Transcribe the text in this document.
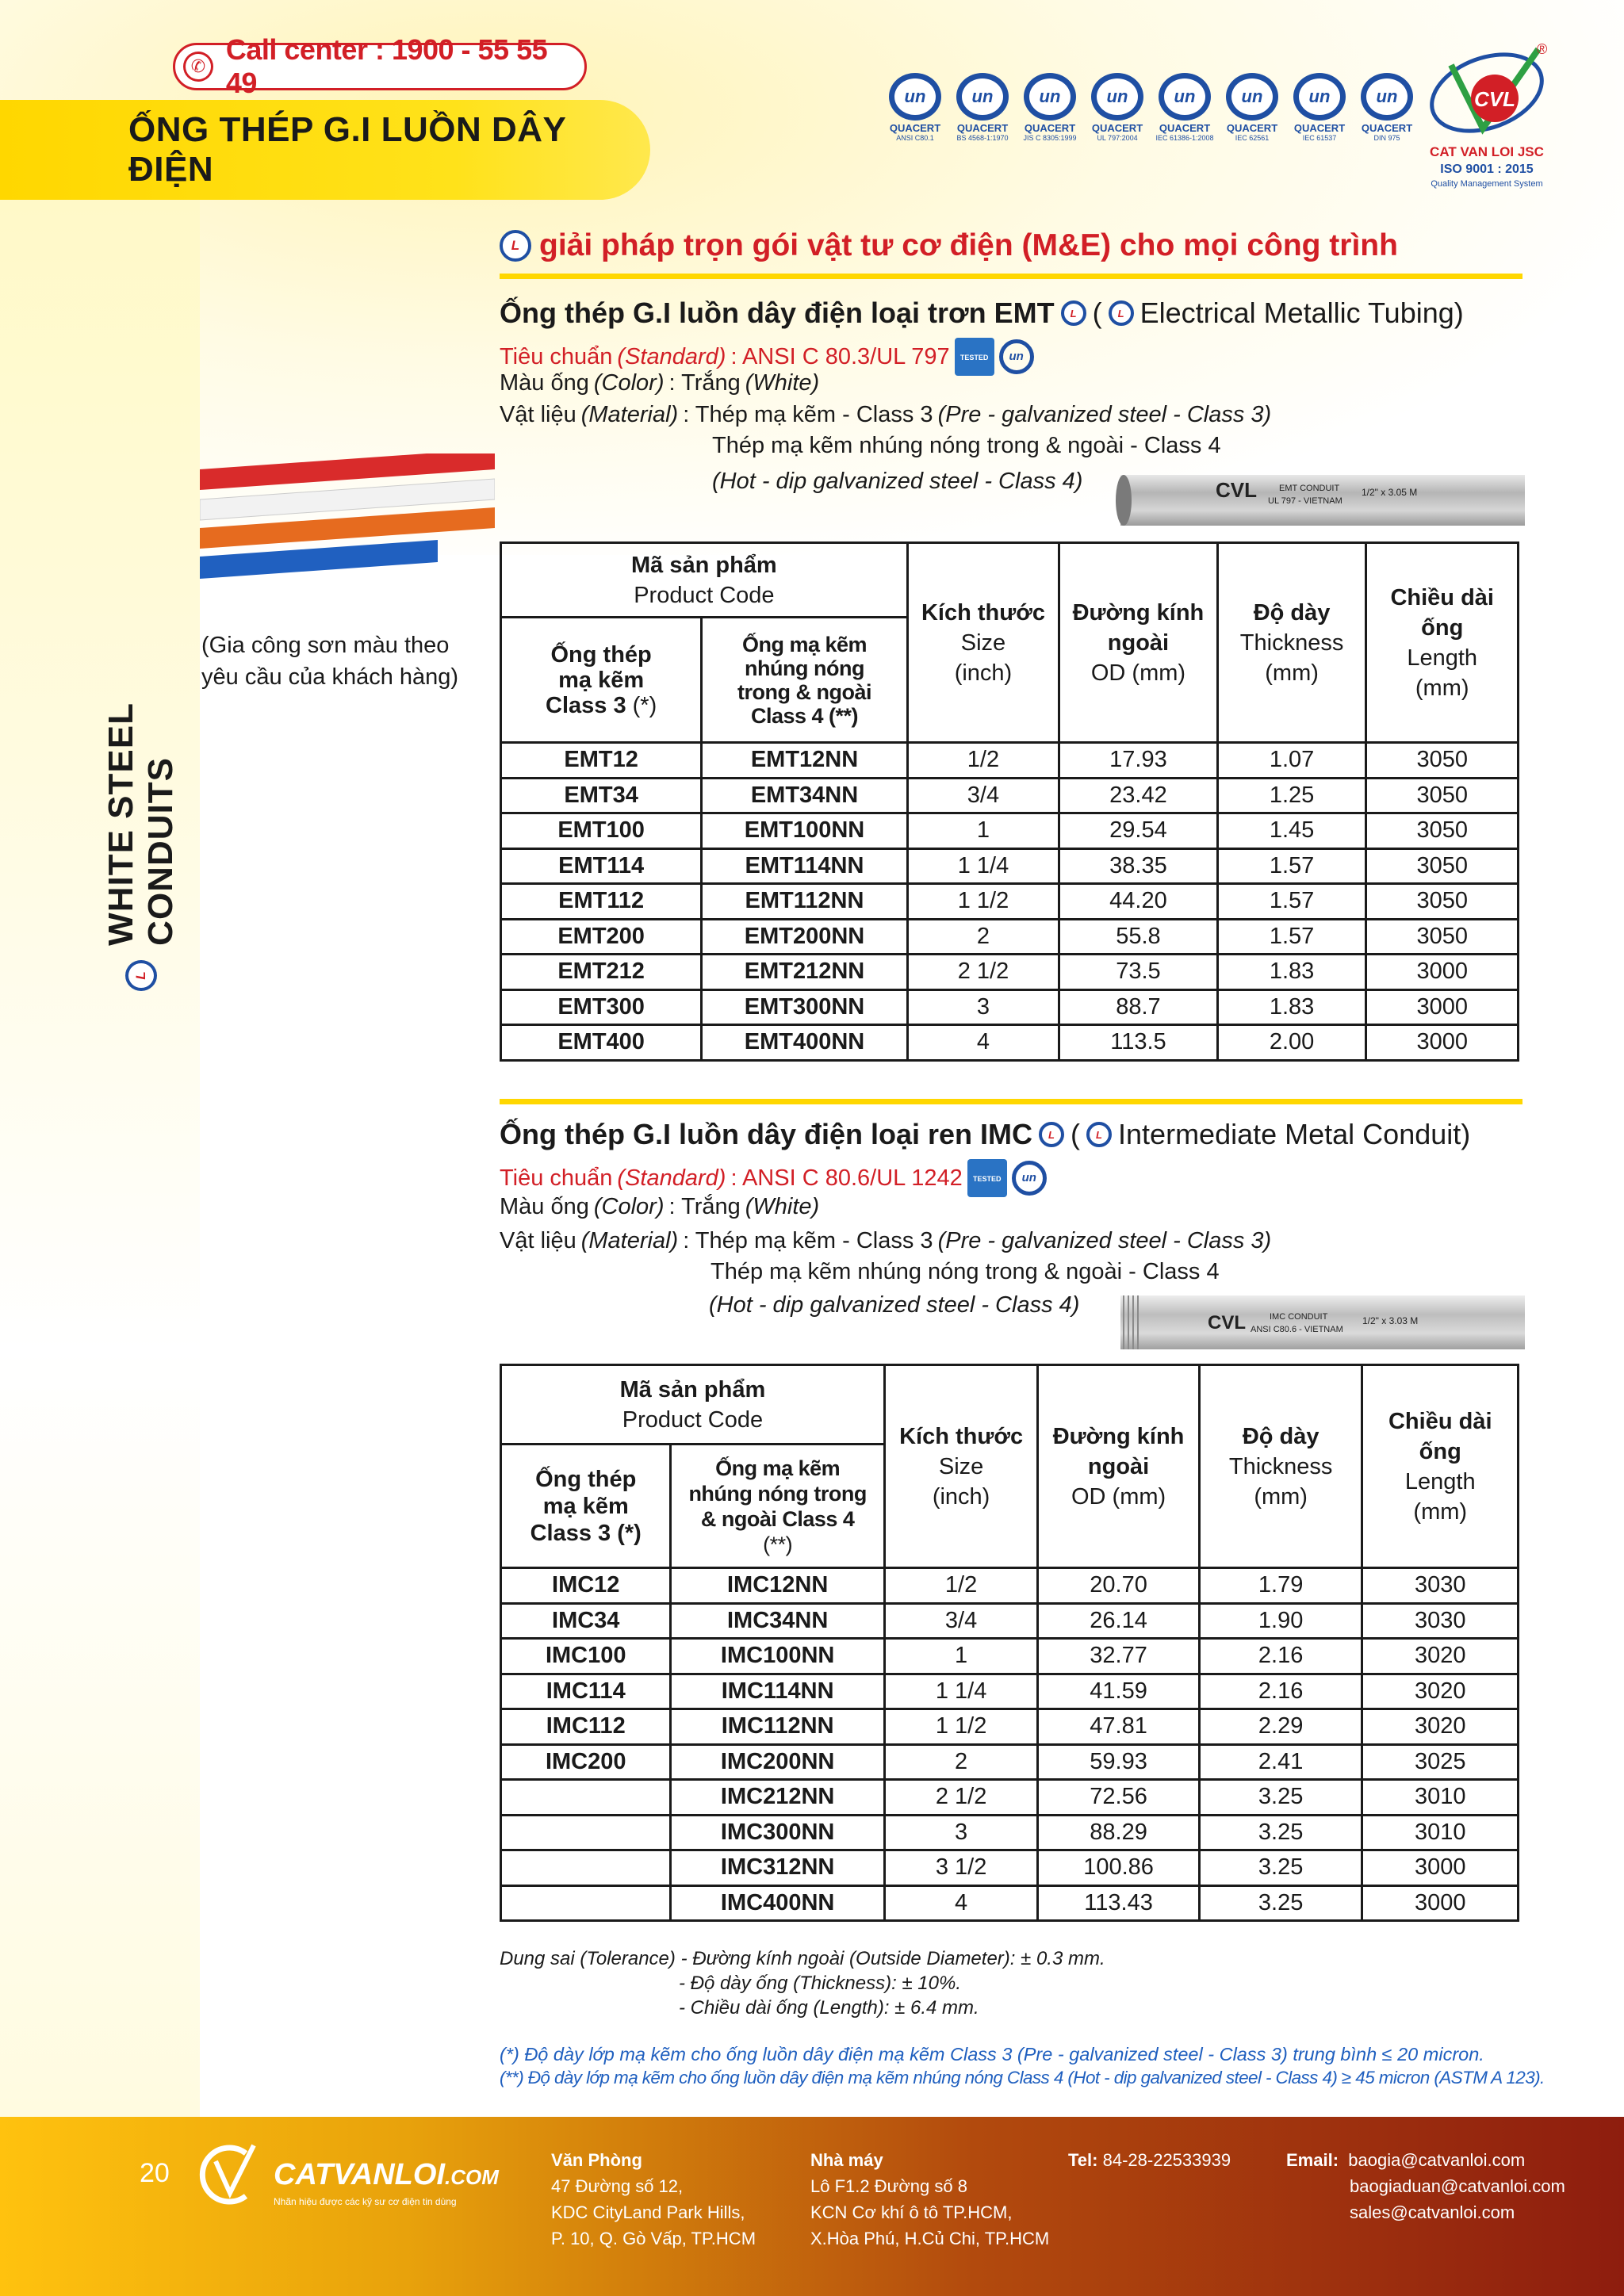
✆
Call center : 1900 - 55 55 49
ỐNG THÉP G.I LUỒN DÂY ĐIỆN
un
QUACERT
ANSI C80.1
un
QUACERT
BS 4568-1:1970
un
QUACERT
JIS C 8305:1999
un
QUACERT
UL 797:2004
un
QUACERT
IEC 61386-1:2008
un
QUACERT
IEC 62561
un
QUACERT
IEC 61537
un
QUACERT
DIN 975
CVL
®
CAT VAN LOI JSC
ISO 9001 : 2015
Quality Management System
L
WHITE STEEL CONDUITS
(Gia công sơn màu theo
yêu cầu của khách hàng)
L giải pháp trọn gói vật tư cơ điện (M&E) cho mọi công trình
Ống thép G.I luồn dây điện loại trơn EMT	L (	L Electrical Metallic Tubing)
Tiêu chuẩn (Standard) : ANSI C 80.3/UL 797	TESTED	un
Màu ống (Color) : Trắng (White)
Vật liệu (Material) : Thép mạ kẽm - Class 3 (Pre - galvanized steel - Class 3)
Thép mạ kẽm nhúng nóng trong & ngoài - Class 4
(Hot - dip galvanized steel - Class 4)	CVL	EMT CONDUIT
UL 797 - VIETNAM
1/2" x 3.05 M
Mã sản phẩm
Product Code		Kích thước
Size
(inch)	Đường kính
ngoài
OD (mm)	Độ dày
Thickness
(mm)	Chiều dài
ống
Length
(mm)
Ống thép
mạ kẽm
Class 3 (*)	Ống mạ kẽm
nhúng nóng
trong & ngoài
Class 4 (**)				
EMT12	EMT12NN	1/2	17.93	1.07	3050
EMT34	EMT34NN	3/4	23.42	1.25	3050
EMT100	EMT100NN	1	29.54	1.45	3050
EMT114	EMT114NN	1 1/4	38.35	1.57	3050
EMT112	EMT112NN	1 1/2	44.20	1.57	3050
EMT200	EMT200NN	2	55.8	1.57	3050
EMT212	EMT212NN	2 1/2	73.5	1.83	3000
EMT300	EMT300NN	3	88.7	1.83	3000
EMT400	EMT400NN	4	113.5	2.00	3000
Ống thép G.I luồn dây điện loại ren IMC	L (	L Intermediate Metal Conduit)
Tiêu chuẩn (Standard) : ANSI C 80.6/UL 1242	TESTED	un
Màu ống (Color) : Trắng (White)
Vật liệu (Material) : Thép mạ kẽm - Class 3 (Pre - galvanized steel - Class 3)
Thép mạ kẽm nhúng nóng trong & ngoài - Class 4
(Hot - dip galvanized steel - Class 4)
CVL	IMC CONDUIT
ANSI C80.6 - VIETNAM
1/2" x 3.03 M
Mã sản phẩm
Product Code		Kích thước
Size
(inch)	Đường kính
ngoài
OD (mm)	Độ dày
Thickness
(mm)	Chiều dài
ống
Length
(mm)
Ống thép
mạ kẽm
Class 3 (*)	Ống mạ kẽm
nhúng nóng trong
& ngoài Class 4
(**)				
IMC12	IMC12NN	1/2	20.70	1.79	3030
IMC34	IMC34NN	3/4	26.14	1.90	3030
IMC100	IMC100NN	1	32.77	2.16	3020
IMC114	IMC114NN	1 1/4	41.59	2.16	3020
IMC112	IMC112NN	1 1/2	47.81	2.29	3020
IMC200	IMC200NN	2	59.93	2.41	3025
	IMC212NN	2 1/2	72.56	3.25	3010
	IMC300NN	3	88.29	3.25	3010
	IMC312NN	3 1/2	100.86	3.25	3000
	IMC400NN	4	113.43	3.25	3000
Dung sai (Tolerance) - Đường kính ngoài (Outside Diameter): ± 0.3 mm.
- Độ dày ống (Thickness): ± 10%.
- Chiều dài ống (Length): ± 6.4 mm.
(*) Độ dày lớp mạ kẽm cho ống luồn dây điện mạ kẽm Class 3 (Pre - galvanized steel - Class 3) trung bình ≤ 20 micron.
(**) Độ dày lớp mạ kẽm cho ống luồn dây điện mạ kẽm nhúng nóng Class 4 (Hot - dip galvanized steel - Class 4) ≥ 45 micron (ASTM A 123).
20	CATVANLOI.COM
Nhãn hiệu được các kỹ sư cơ điện tin dùng
Văn Phòng
47 Đường số 12,
KDC CityLand Park Hills,
P. 10, Q. Gò Vấp, TP.HCM
Nhà máy
Lô F1.2 Đường số 8
KCN Cơ khí ô tô TP.HCM,
X.Hòa Phú, H.Củ Chi, TP.HCM
Tel: 84-28-22533939	Email: baogia@catvanloi.com
baogiaduan@catvanloi.com
sales@catvanloi.com
